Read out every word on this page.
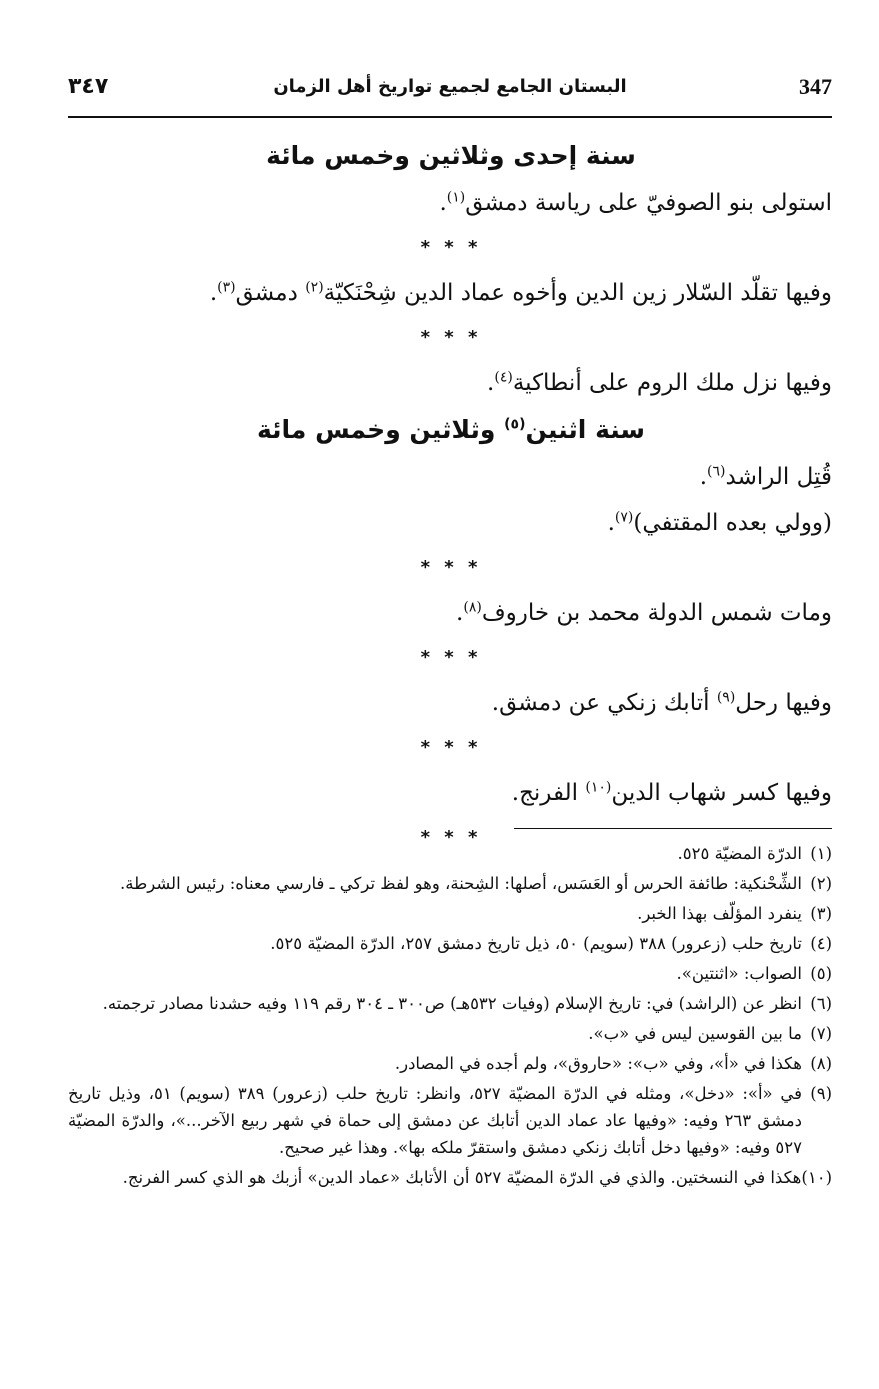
٣٤٧	البستان الجامع لجميع تواريخ أهل الزمان	347
سنة إحدى وثلاثين وخمس مائة

استولى بنو الصوفيّ على رياسة دمشق$^{(١)}$.

* * *

وفيها تقلّد السّلار زين الدين وأخوه عماد الدين شِحْنَكيّة$^{(٢)}$ دمشق$^{(٣)}$.

* * *

وفيها نزل ملك الروم على أنطاكية$^{(٤)}$.

سنة اثنين$^{(٥)}$ وثلاثين وخمس مائة

قُتِل الراشد$^{(٦)}$.

(وولي بعده المقتفي)$^{(٧)}$.

* * *

ومات شمس الدولة محمد بن خاروف$^{(٨)}$.

* * *

وفيها رحل$^{(٩)}$ أتابك زنكي عن دمشق.

* * *

وفيها كسر شهاب الدين$^{(١٠)}$ الفرنج.

* * *
(١)
الدرّة المضيّة ٥٢٥.
(٢)
الشِّحْنكية: طائفة الحرس أو العَسَس، أصلها: الشِحنة، وهو لفظ تركي ـ فارسي معناه: رئيس الشرطة.
(٣)
ينفرد المؤلّف بهذا الخبر.
(٤)
تاريخ حلب (زعرور) ٣٨٨ (سويم) ٥٠، ذيل تاريخ دمشق ٢٥٧، الدرّة المضيّة ٥٢٥.
(٥)
الصواب: «اثنتين».
(٦)
انظر عن (الراشد) في: تاريخ الإسلام (وفيات ٥٣٢هـ) ص٣٠٠ ـ ٣٠٤ رقم ١١٩ وفيه حشدنا مصادر ترجمته.
(٧)
ما بين القوسين ليس في «ب».
(٨)
هكذا في «أ»، وفي «ب»: «حاروق»، ولم أجده في المصادر.
(٩)
في «أ»: «دخل»، ومثله في الدرّة المضيّة ٥٢٧، وانظر: تاريخ حلب (زعرور) ٣٨٩ (سويم) ٥١، وذيل تاريخ دمشق ٢٦٣ وفيه: «وفيها عاد عماد الدين أتابك عن دمشق إلى حماة في شهر ربيع الآخر...»، والدرّة المضيّة ٥٢٧ وفيه: «وفيها دخل أتابك زنكي دمشق واستقرّ ملكه بها». وهذا غير صحيح.
(١٠)
هكذا في النسختين. والذي في الدرّة المضيّة ٥٢٧ أن الأتابك «عماد الدين» أزبك هو الذي كسر الفرنج.
